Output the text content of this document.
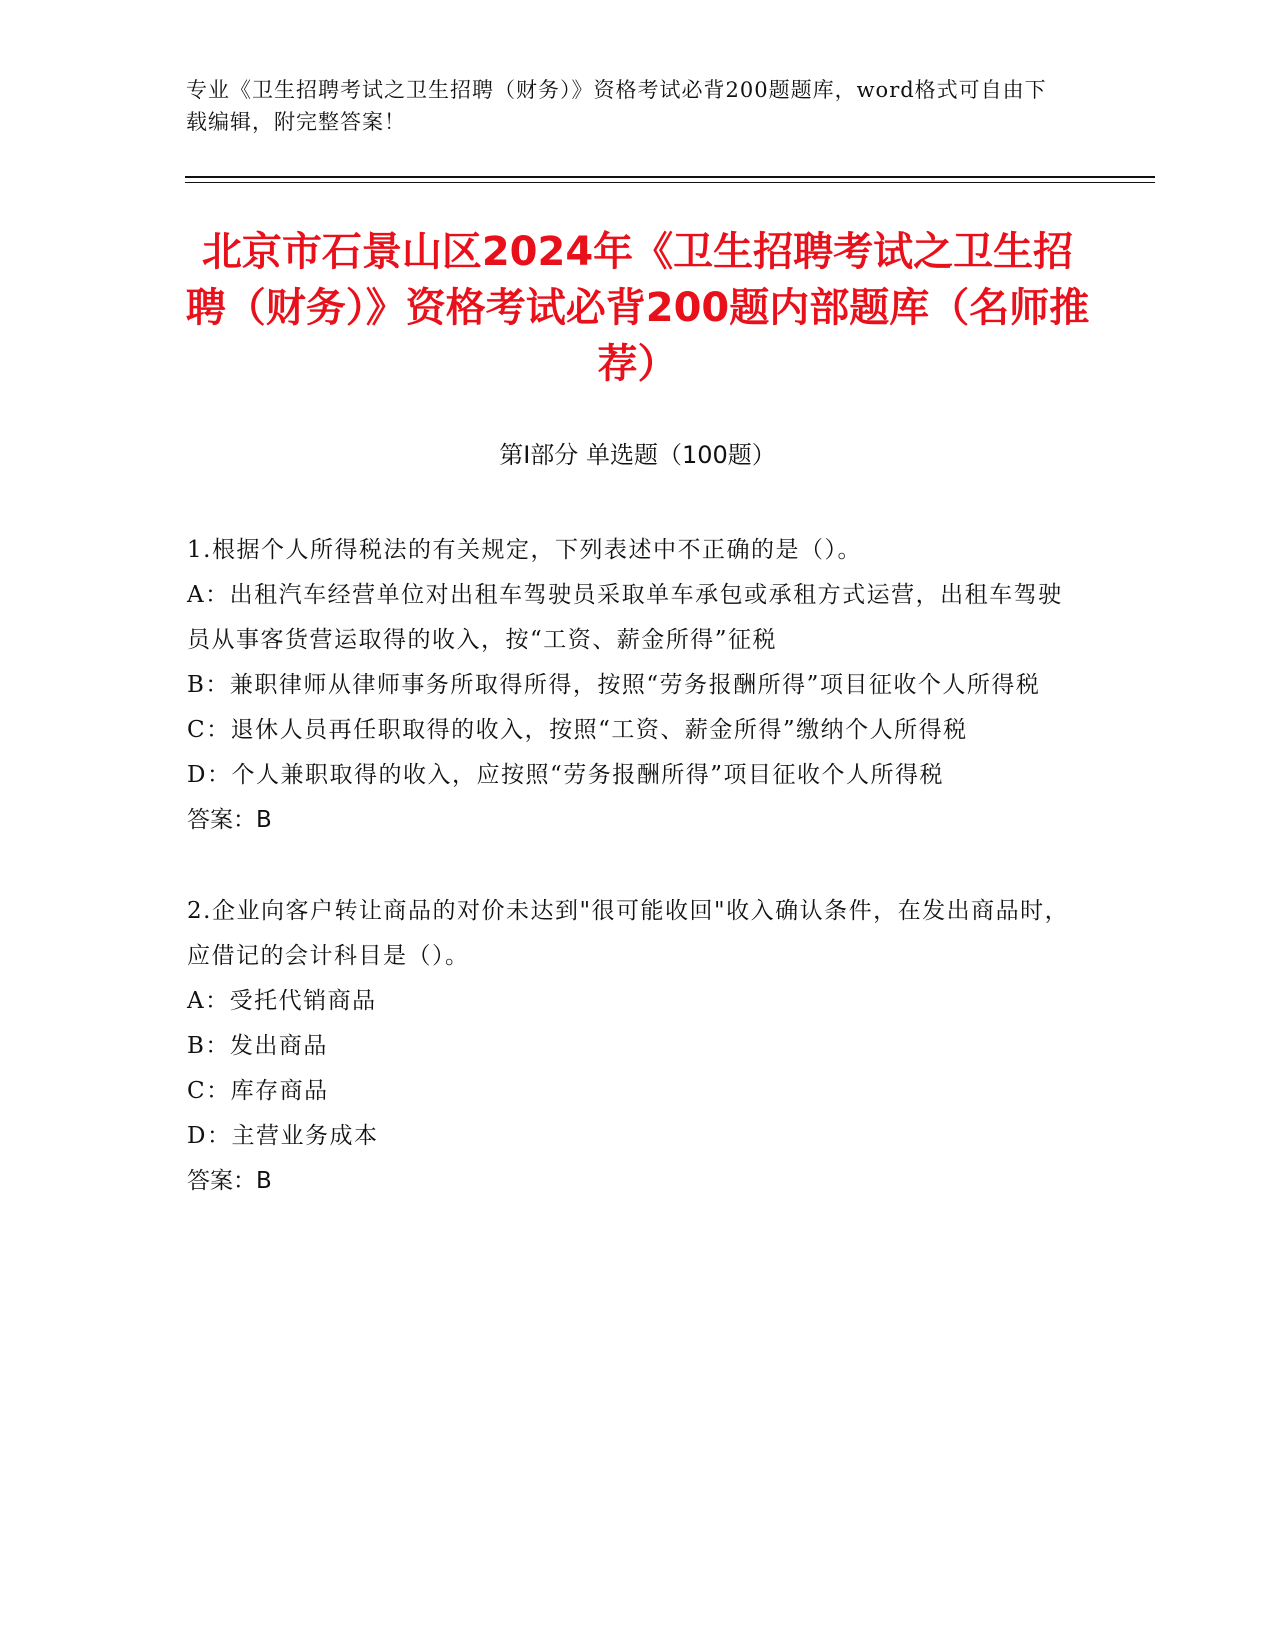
专业《卫生招聘考试之卫生招聘（财务）》资格考试必背200题题库，word格式可自由下载编辑，附完整答案！
北京市石景山区2024年《卫生招聘考试之卫生招聘（财务）》资格考试必背200题内部题库（名师推荐）
第Ⅰ部分 单选题（100题）

1.根据个人所得税法的有关规定，下列表述中不正确的是（）。

A：出租汽车经营单位对出租车驾驶员采取单车承包或承租方式运营，出租车驾驶员从事客货营运取得的收入，按“工资、薪金所得”征税

B：兼职律师从律师事务所取得所得，按照“劳务报酬所得”项目征收个人所得税

C：退休人员再任职取得的收入，按照“工资、薪金所得”缴纳个人所得税

D：个人兼职取得的收入，应按照“劳务报酬所得”项目征收个人所得税

答案：B

2.企业向客户转让商品的对价未达到"很可能收回"收入确认条件，在发出商品时，应借记的会计科目是（）。

A：受托代销商品

B：发出商品

C：库存商品

D：主营业务成本

答案：B
